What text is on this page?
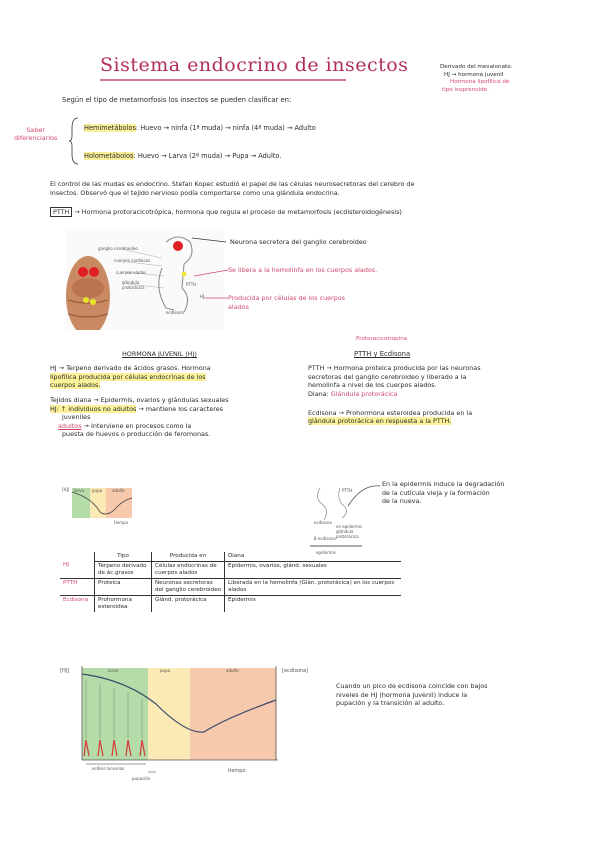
Sistema endocrino de insectos	Derivado del mevalonato.
HJ → hormona juvenil
Hormona lipofílica de
tipo isoprenoide.
Según el tipo de metamorfosis los insectos se pueden clasificar en:
Saber
diferenciarlos
Hemimetábolos: Huevo → ninfa (1ª muda) → ninfa (4ª muda) → Adulto
Holometábolos: Huevo → Larva (2ª muda) → Pupa → Adulto.
El control de las mudas es endocrino. Stefan Kopec estudió el papel de las células neurosecretoras del cerebro de
insectos. Observó que el tejido nervioso podía comportarse como una glándula endocrina.
PTTH → Hormona protoracicotrópica, hormona que regula el proceso de metamorfosis (ecdisteroidogénesis)
ganglio cerebroideo
cuerpos cardíacos
cuerpos alados
glándula protorácica
ecdisona
PTTH
HJ
Neurona secretora del ganglio cerebroideo
Se libera a la hemolinfa en los cuerpos alados.
Producida por células de los cuerpos
alados
HORMONA JUVENIL (HJ)
HJ → Terpeno derivado de ácidos grasos. Hormona
lipofílica producida por células endocrinas de los
cuerpos alados.
Tejidos diana → Epidermis, ovarios y glándulas sexuales
HJ: ↑ individuos no adultos → mantiene los caracteres
juveniles
adultos → Interviene en procesos como la
puesta de huevos o producción de feromonas.
Protoracicotropina
PTTH y Ecdisona
PTTH → Hormona proteica producida por las neuronas
secretoras del ganglio cerebroideo y liberado a la
hemolinfa a nivel de los cuerpos alados.
Diana: Glándula protorácica
Ecdisona → Prohormona esteroidea producida en la
glándula protorácica en respuesta a la PTTH.
[HJ] larva pupa adulto
tiempo
PTTH
ecdisona
en epidermis
glándula protorácica
β-ecdisona
epidermis
En la epidermis induce la degradación
de la cutícula vieja y la formación
de la nueva.
	Tipo	Producida en	Diana
HJ	Terpeno derivado de ác.grasos	Células endocrinas de cuerpos alados	Epidermis, ovarios, glánd. sexuales
PTTH	Proteica	Neuronas secretoras del ganglio cerebroideo	Liberada en la hemolinfa (Glán. protorácica) en los cuerpos alados
Ecdisona	Prohormona esteroidea	Glánd. protorácica	Epidermis
[HJ]	[ecdisona]
larva	pupa	adulto
tiempo
ecdisis larvarias
pupación
Cuando un pico de ecdisona coincide con bajos
niveles de HJ (hormona juvenil) induce la
pupación y la transición al adulto.
